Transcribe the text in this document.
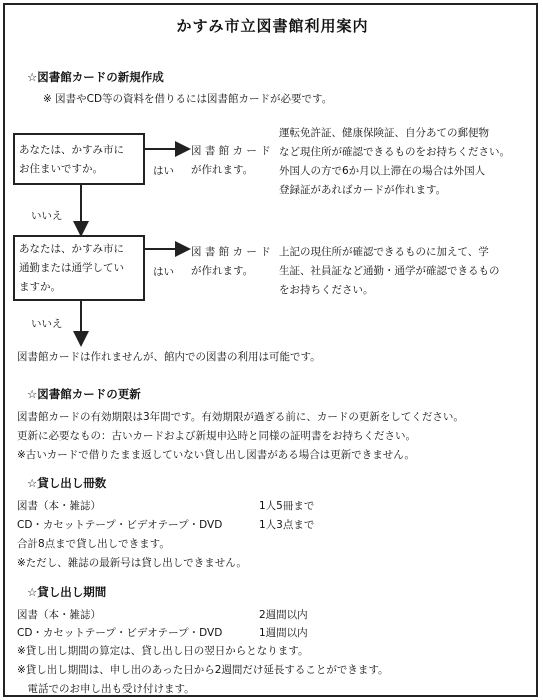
かすみ市立図書館利用案内
☆図書館カードの新規作成
※ 図書やCD等の資料を借りるには図書館カードが必要です。
あなたは、かすみ市に
お住まいですか。	はい
図 書 館 カ ー ド
が作れます。
運転免許証、健康保険証、自分あての郵便物
など現住所が確認できるものをお持ちください。
外国人の方で6か月以上滞在の場合は外国人
登録証があればカードが作れます。
いいえ
あなたは、かすみ市に
通勤または通学してい
ますか。
はい
図 書 館 カ ー ド
が作れます。
上記の現住所が確認できるものに加えて、学
生証、社員証など通勤・通学が確認できるもの
をお持ちください。
いいえ
図書館カードは作れませんが、館内での図書の利用は可能です。
☆図書館カードの更新
図書館カードの有効期限は3年間です。有効期限が過ぎる前に、カードの更新をしてください。
更新に必要なもの：古いカードおよび新規申込時と同様の証明書をお持ちください。
※古いカードで借りたまま返していない貸し出し図書がある場合は更新できません。
☆貸し出し冊数
図書（本・雑誌）	1人5冊まで
CD・カセットテープ・ビデオテープ・DVD	1人3点まで
合計8点まで貸し出しできます。
※ただし、雑誌の最新号は貸し出しできません。
☆貸し出し期間
図書（本・雑誌）	2週間以内
CD・カセットテープ・ビデオテープ・DVD	1週間以内
※貸し出し期間の算定は、貸し出し日の翌日からとなります。
※貸し出し期間は、申し出のあった日から2週間だけ延長することができます。
　電話でのお申し出も受け付けます。
